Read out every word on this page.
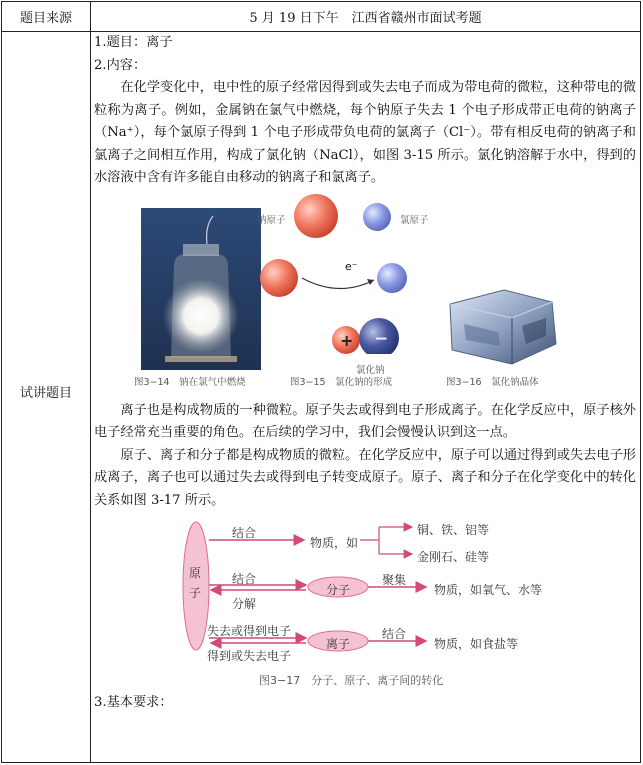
题目来源	5 月 19 日下午　江西省赣州市面试考题
试讲题目

1.题目：离子

2.内容：

在化学变化中，电中性的原子经常因得到或失去电子而成为带电荷的微粒，这种带电的微粒称为离子。例如，金属钠在氯气中燃烧，每个钠原子失去 1 个电子形成带正电荷的钠离子（Na⁺），每个氯原子得到 1 个电子形成带负电荷的氯离子（Cl⁻）。带有相反电荷的钠离子和氯离子之间相互作用，构成了氯化钠（NaCl），如图 3-15 所示。氯化钠溶解于水中，得到的水溶液中含有许多能自由移动的钠离子和氯离子。

钠原子	氯原子
e⁻
+ −
氯化钠
图3−14　钠在氯气中燃烧	图3−15　氯化钠的形成	图3−16　氯化钠晶体

离子也是构成物质的一种微粒。原子失去或得到电子形成离子。在化学反应中，原子核外电子经常充当重要的角色。在后续的学习中，我们会慢慢认识到这一点。

原子、离子和分子都是构成物质的微粒。在化学反应中，原子可以通过得到或失去电子形成离子，离子也可以通过失去或得到电子转变成原子。原子、离子和分子在化学变化中的转化关系如图 3-17 所示。

原
子
结合
物质，如
铜、铁、铝等
金刚石、硅等
结合
分解
分子
聚集
物质，如氧气、水等
失去或得到电子
得到或失去电子
离子
结合
物质，如食盐等
图3−17　分子、原子、离子间的转化

3.基本要求：
